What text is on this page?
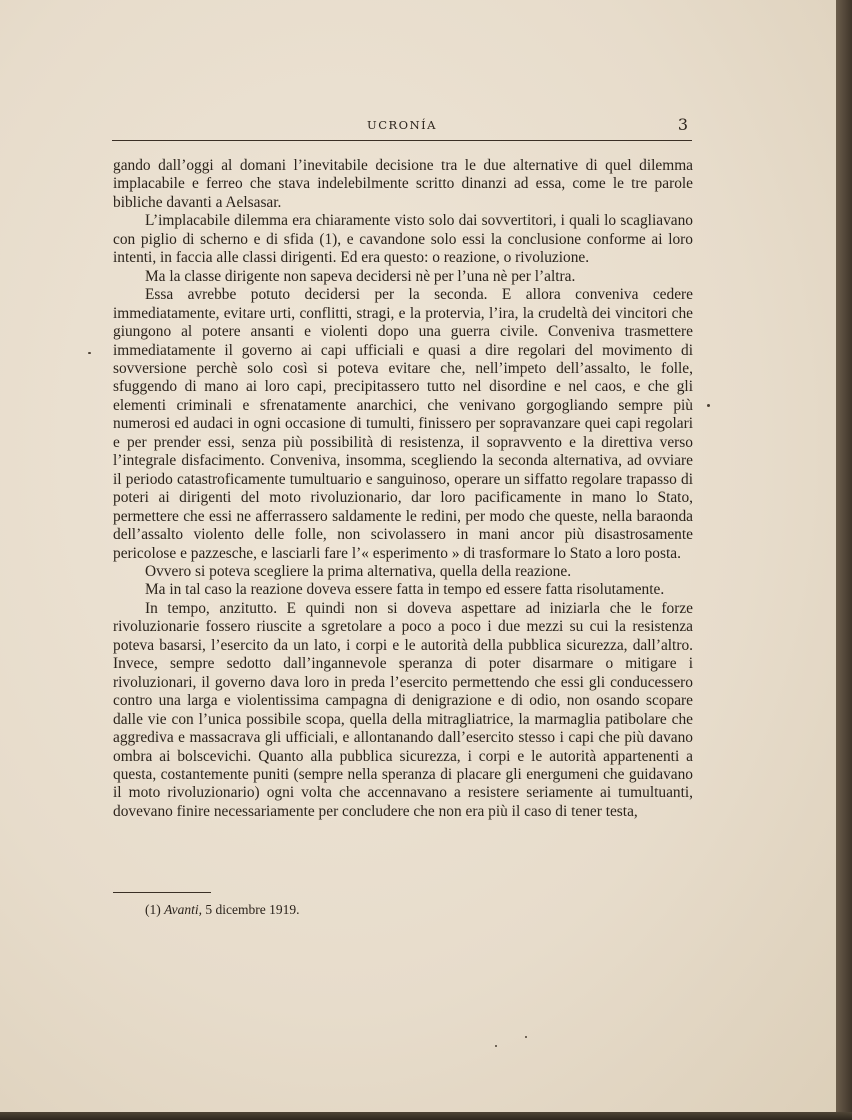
UCRONÍA	3

gando dall’oggi al domani l’inevitabile decisione tra le due alternative di quel dilemma implacabile e ferreo che stava indelebilmente scritto dinanzi ad essa, come le tre parole bibliche davanti a Aelsasar.

L’implacabile dilemma era chiaramente visto solo dai sovvertitori, i quali lo scagliavano con piglio di scherno e di sfida (1), e cavandone solo essi la conclusione conforme ai loro intenti, in faccia alle classi dirigenti. Ed era questo: o reazione, o rivoluzione.

Ma la classe dirigente non sapeva decidersi nè per l’una nè per l’altra.

Essa avrebbe potuto decidersi per la seconda. E allora conveniva cedere immediatamente, evitare urti, conflitti, stragi, e la protervia, l’ira, la crudeltà dei vincitori che giungono al potere ansanti e violenti dopo una guerra civile. Conveniva trasmettere immediatamente il governo ai capi ufficiali e quasi a dire regolari del movimento di sovversione perchè solo così si poteva evitare che, nell’impeto dell’assalto, le folle, sfuggendo di mano ai loro capi, precipitassero tutto nel disordine e nel caos, e che gli elementi criminali e sfrenatamente anarchici, che venivano gorgogliando sempre più numerosi ed audaci in ogni occasione di tumulti, finissero per sopravanzare quei capi regolari e per prender essi, senza più possibilità di resistenza, il sopravvento e la direttiva verso l’integrale disfacimento. Conveniva, insomma, scegliendo la seconda alternativa, ad ovviare il periodo catastroficamente tumultuario e sanguinoso, operare un siffatto regolare trapasso di poteri ai dirigenti del moto rivoluzionario, dar loro pacificamente in mano lo Stato, permettere che essi ne afferrassero saldamente le redini, per modo che queste, nella baraonda dell’assalto violento delle folle, non scivolassero in mani ancor più disastrosamente pericolose e pazzesche, e lasciarli fare l’« esperimento » di trasformare lo Stato a loro posta.

Ovvero si poteva scegliere la prima alternativa, quella della reazione.

Ma in tal caso la reazione doveva essere fatta in tempo ed essere fatta risolutamente.

In tempo, anzitutto. E quindi non si doveva aspettare ad iniziarla che le forze rivoluzionarie fossero riuscite a sgretolare a poco a poco i due mezzi su cui la resistenza poteva basarsi, l’esercito da un lato, i corpi e le autorità della pubblica sicurezza, dall’altro. Invece, sempre sedotto dall’ingannevole speranza di poter disarmare o mitigare i rivoluzionari, il governo dava loro in preda l’esercito permettendo che essi gli conducessero contro una larga e violentissima campagna di denigrazione e di odio, non osando scopare dalle vie con l’unica possibile scopa, quella della mitragliatrice, la marmaglia patibolare che aggrediva e massacrava gli ufficiali, e allontanando dall’esercito stesso i capi che più davano ombra ai bolscevichi. Quanto alla pubblica sicurezza, i corpi e le autorità appartenenti a questa, costantemente puniti (sempre nella speranza di placare gli energumeni che guidavano il moto rivoluzionario) ogni volta che accennavano a resistere seriamente ai tumultuanti, dovevano finire necessariamente per concludere che non era più il caso di tener testa,

(1) Avanti, 5 dicembre 1919.
